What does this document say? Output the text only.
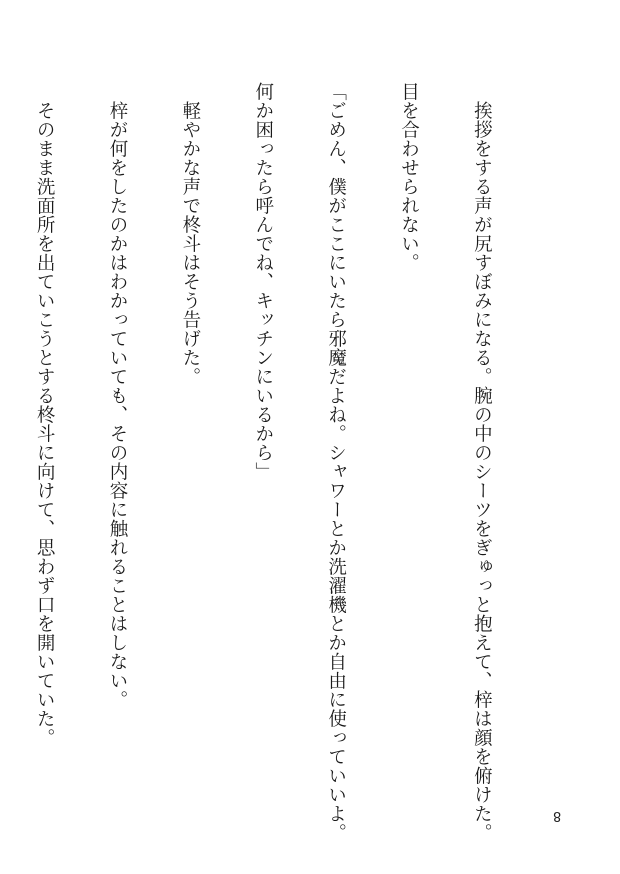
　挨拶をする声が尻すぼみになる。腕の中のシーツをぎゅっと抱えて、梓は顔を俯けた。

目を合わせられない。

「ごめん、僕がここにいたら邪魔だよね。シャワーとか洗濯機とか自由に使っていいよ。

何か困ったら呼んでね、キッチンにいるから」

　軽やかな声で柊斗はそう告げた。

　梓が何をしたのかはわかっていても、その内容に触れることはしない。

　そのまま洗面所を出ていこうとする柊斗に向けて、思わず口を開いていた。

8
